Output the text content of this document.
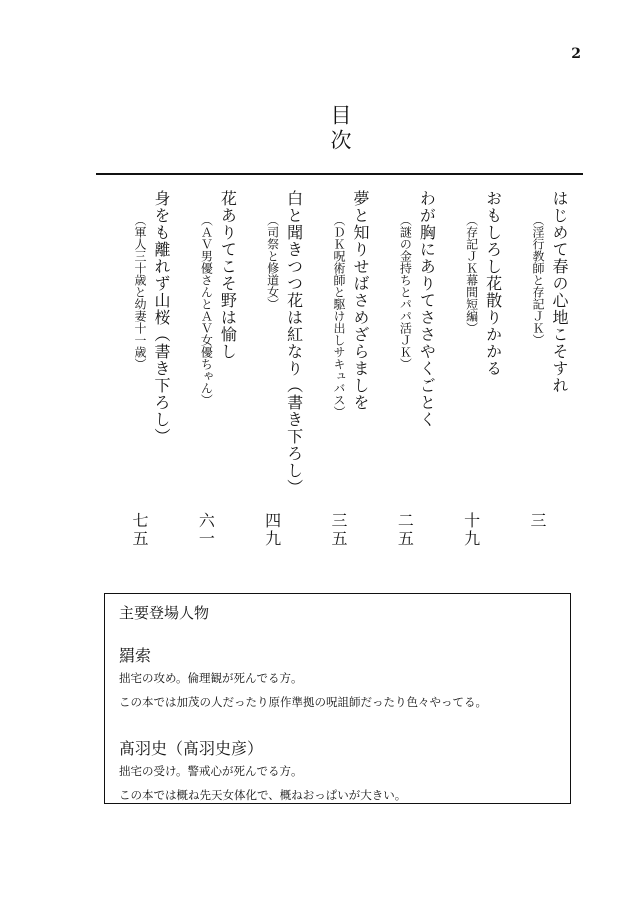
2
目次
はじめて春の心地こそすれ
（淫行教師と存記ＪＫ）
三
おもしろし花散りかかる
（存記ＪＫ幕間短編）
十九
わが胸にありてささやくごとく
（謎の金持ちとパパ活ＪＫ）
二五
夢と知りせばさめざらましを
（ＤＫ呪術師と駆け出しサキュバス）
三五
白と聞きつつ花は紅なり（書き下ろし）
（司祭と修道女）
四九
花ありてこそ野は愉し
（ＡＶ男優さんとＡＶ女優ちゃん）
六一
身をも離れず山桜（書き下ろし）
（軍人三十歳と幼妻十一歳）
七五
主要登場人物
羂索
拙宅の攻め。倫理観が死んでる方。
この本では加茂の人だったり原作準拠の呪詛師だったり色々やってる。
髙羽史（髙羽史彦）
拙宅の受け。警戒心が死んでる方。
この本では概ね先天女体化で、概ねおっぱいが大きい。
